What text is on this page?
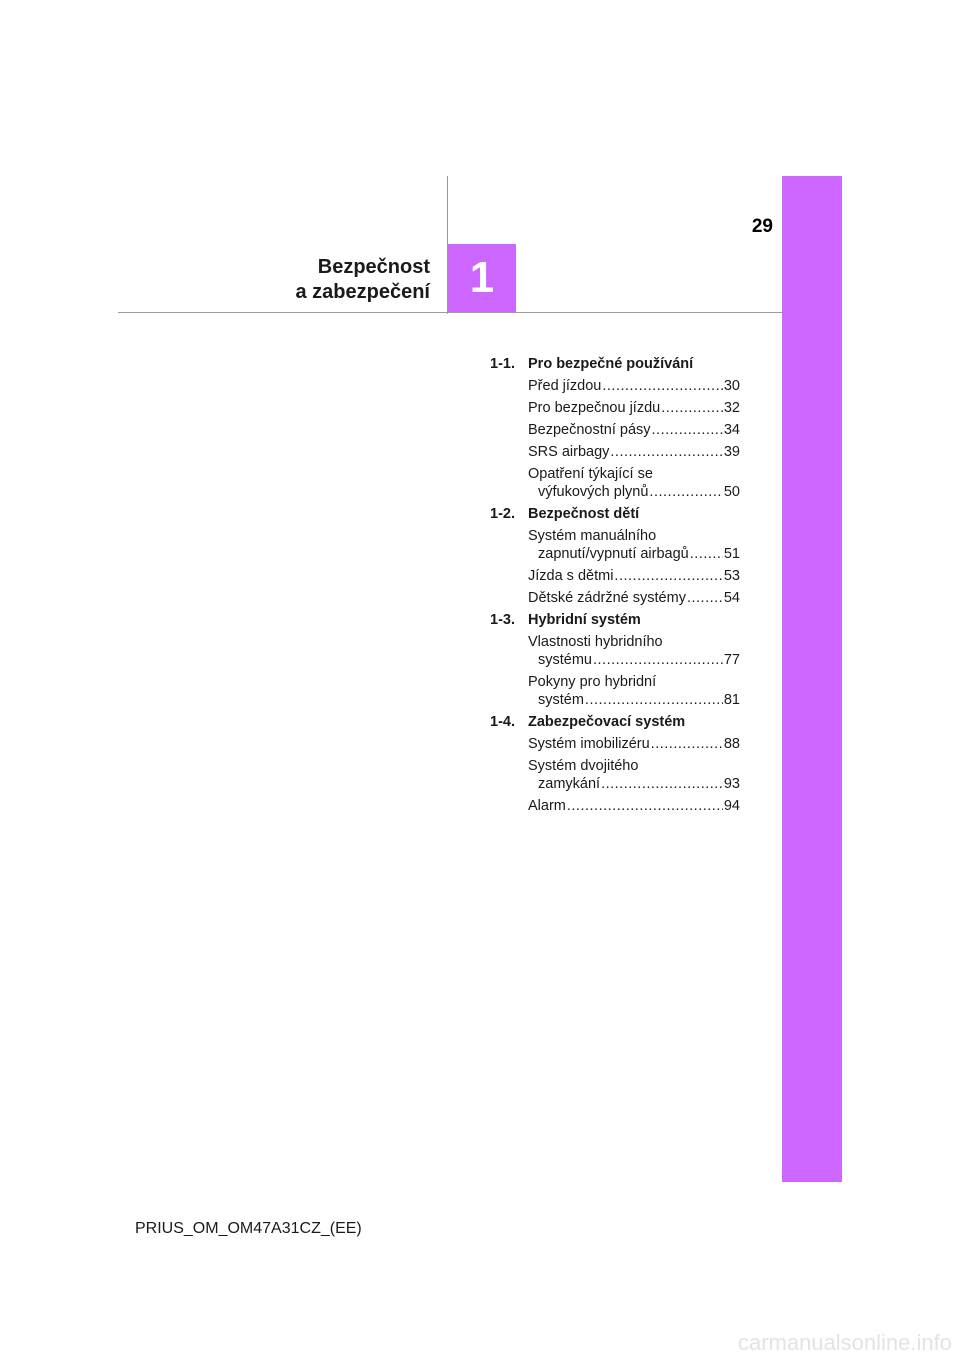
1
29
Bezpečnost
a zabezpečení
1-1. Pro bezpečné používání
Před jízdou .....	30
Pro bezpečnou jízdu .....	32
Bezpečnostní pásy .....	34
SRS airbagy .....	39
Opatření týkající se
výfukových plynů .....	50
1-2. Bezpečnost dětí
Systém manuálního
zapnutí/vypnutí airbagů ..... 51
Jízda s dětmi .....	53
Dětské zádržné systémy .....	54
1-3. Hybridní systém
Vlastnosti hybridního
systému .....	77
Pokyny pro hybridní
systém .....	81
1-4. Zabezpečovací systém
Systém imobilizéru .....	88
Systém dvojitého
zamykání .....	93
Alarm .....	94
PRIUS_OM_OM47A31CZ_(EE)
carmanualsonline.info
